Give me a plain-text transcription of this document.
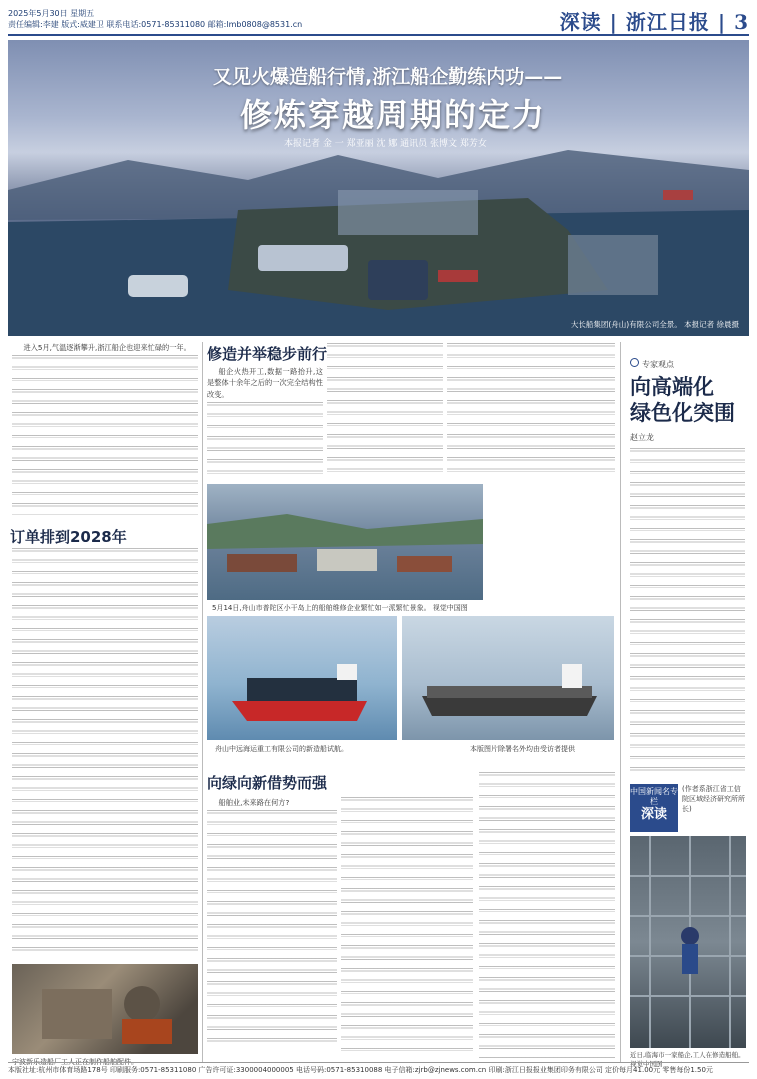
2025年5月30日 星期五
责任编辑:李建 版式:威建卫 联系电话:0571-85311080 邮箱:lmb0808@8531.cn	深读 | 浙江日报 | 3
又见火爆造船行情,浙江船企勤练内功——
修炼穿越周期的定力
本报记者 金 一 郑亚丽 沈 娜 通讯员 张博文 郑芳女
大长船集团(舟山)有限公司全景。 本报记者 徐晨摄

进入5月,气温逐渐攀升,浙江船企也迎来忙碌的一年。

订单排到2028年
宁波新乐造船厂工人正在制作船舶配件。
修造并举稳步前行

船企火热开工,数据一路抬升,这是整体十余年之后的一次完全结构性改变。

5月14日,舟山市普陀区小干岛上的船舶维修企业繁忙如一派繁忙景象。 视觉中国图
舟山中远海运重工有限公司的新造船试航。	本版图片除署名外均由受访者提供
向绿向新借势而强

船舶业,未来路在何方?

专家观点
向高端化
绿色化突围
赵立龙
中国新闻名专栏
深读
(作者系浙江省工信院区域经济研究所所长)
近日,临海市一家船企,工人在修造船舶。 视觉中国图
本版社址:杭州市体育场路178号 印刷服务:0571-85311080 广告许可证:3300004000005 电话号码:0571-85310088 电子信箱:zjrb@zjnews.com.cn 印刷:浙江日报报业集团印务有限公司 定价每月41.00元 零售每份1.50元
